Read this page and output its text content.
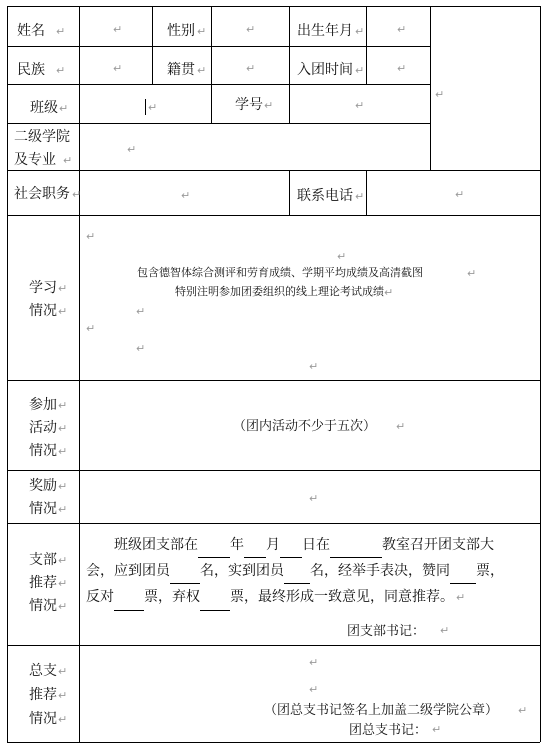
姓名 ↵	↵	性别 ↵	↵	出生年月 ↵	↵
民族 ↵	↵	籍贯 ↵	↵	入团时间 ↵	↵
↵
班级 ↵	↵	学号 ↵	↵
二级学院
及专业 ↵
↵
社会职务 ↵	↵	联系电话 ↵	↵
学习 ↵
情况 ↵
↵
↵
包含德智体综合测评和劳育成绩、学期平均成绩及高清截图	↵
特别注明参加团委组织的线上理论考试成绩 ↵
↵
↵
↵
↵
参加 ↵
活动 ↵
情况 ↵
（团内活动不少于五次） ↵
奖励 ↵
情况 ↵
↵
支部 ↵
推荐 ↵
情况 ↵
班级团支部在 年 月 日在	教室召开团支部大
会，应到团员 名，实到团员 名，经举手表决，赞同 票，
反对 票，弃权 票，最终形成一致意见，同意推荐。 ↵
团支部书记： ↵
总支 ↵
推荐 ↵
情况 ↵
↵
↵
（团总支书记签名上加盖二级学院公章） ↵
团总支书记： ↵
